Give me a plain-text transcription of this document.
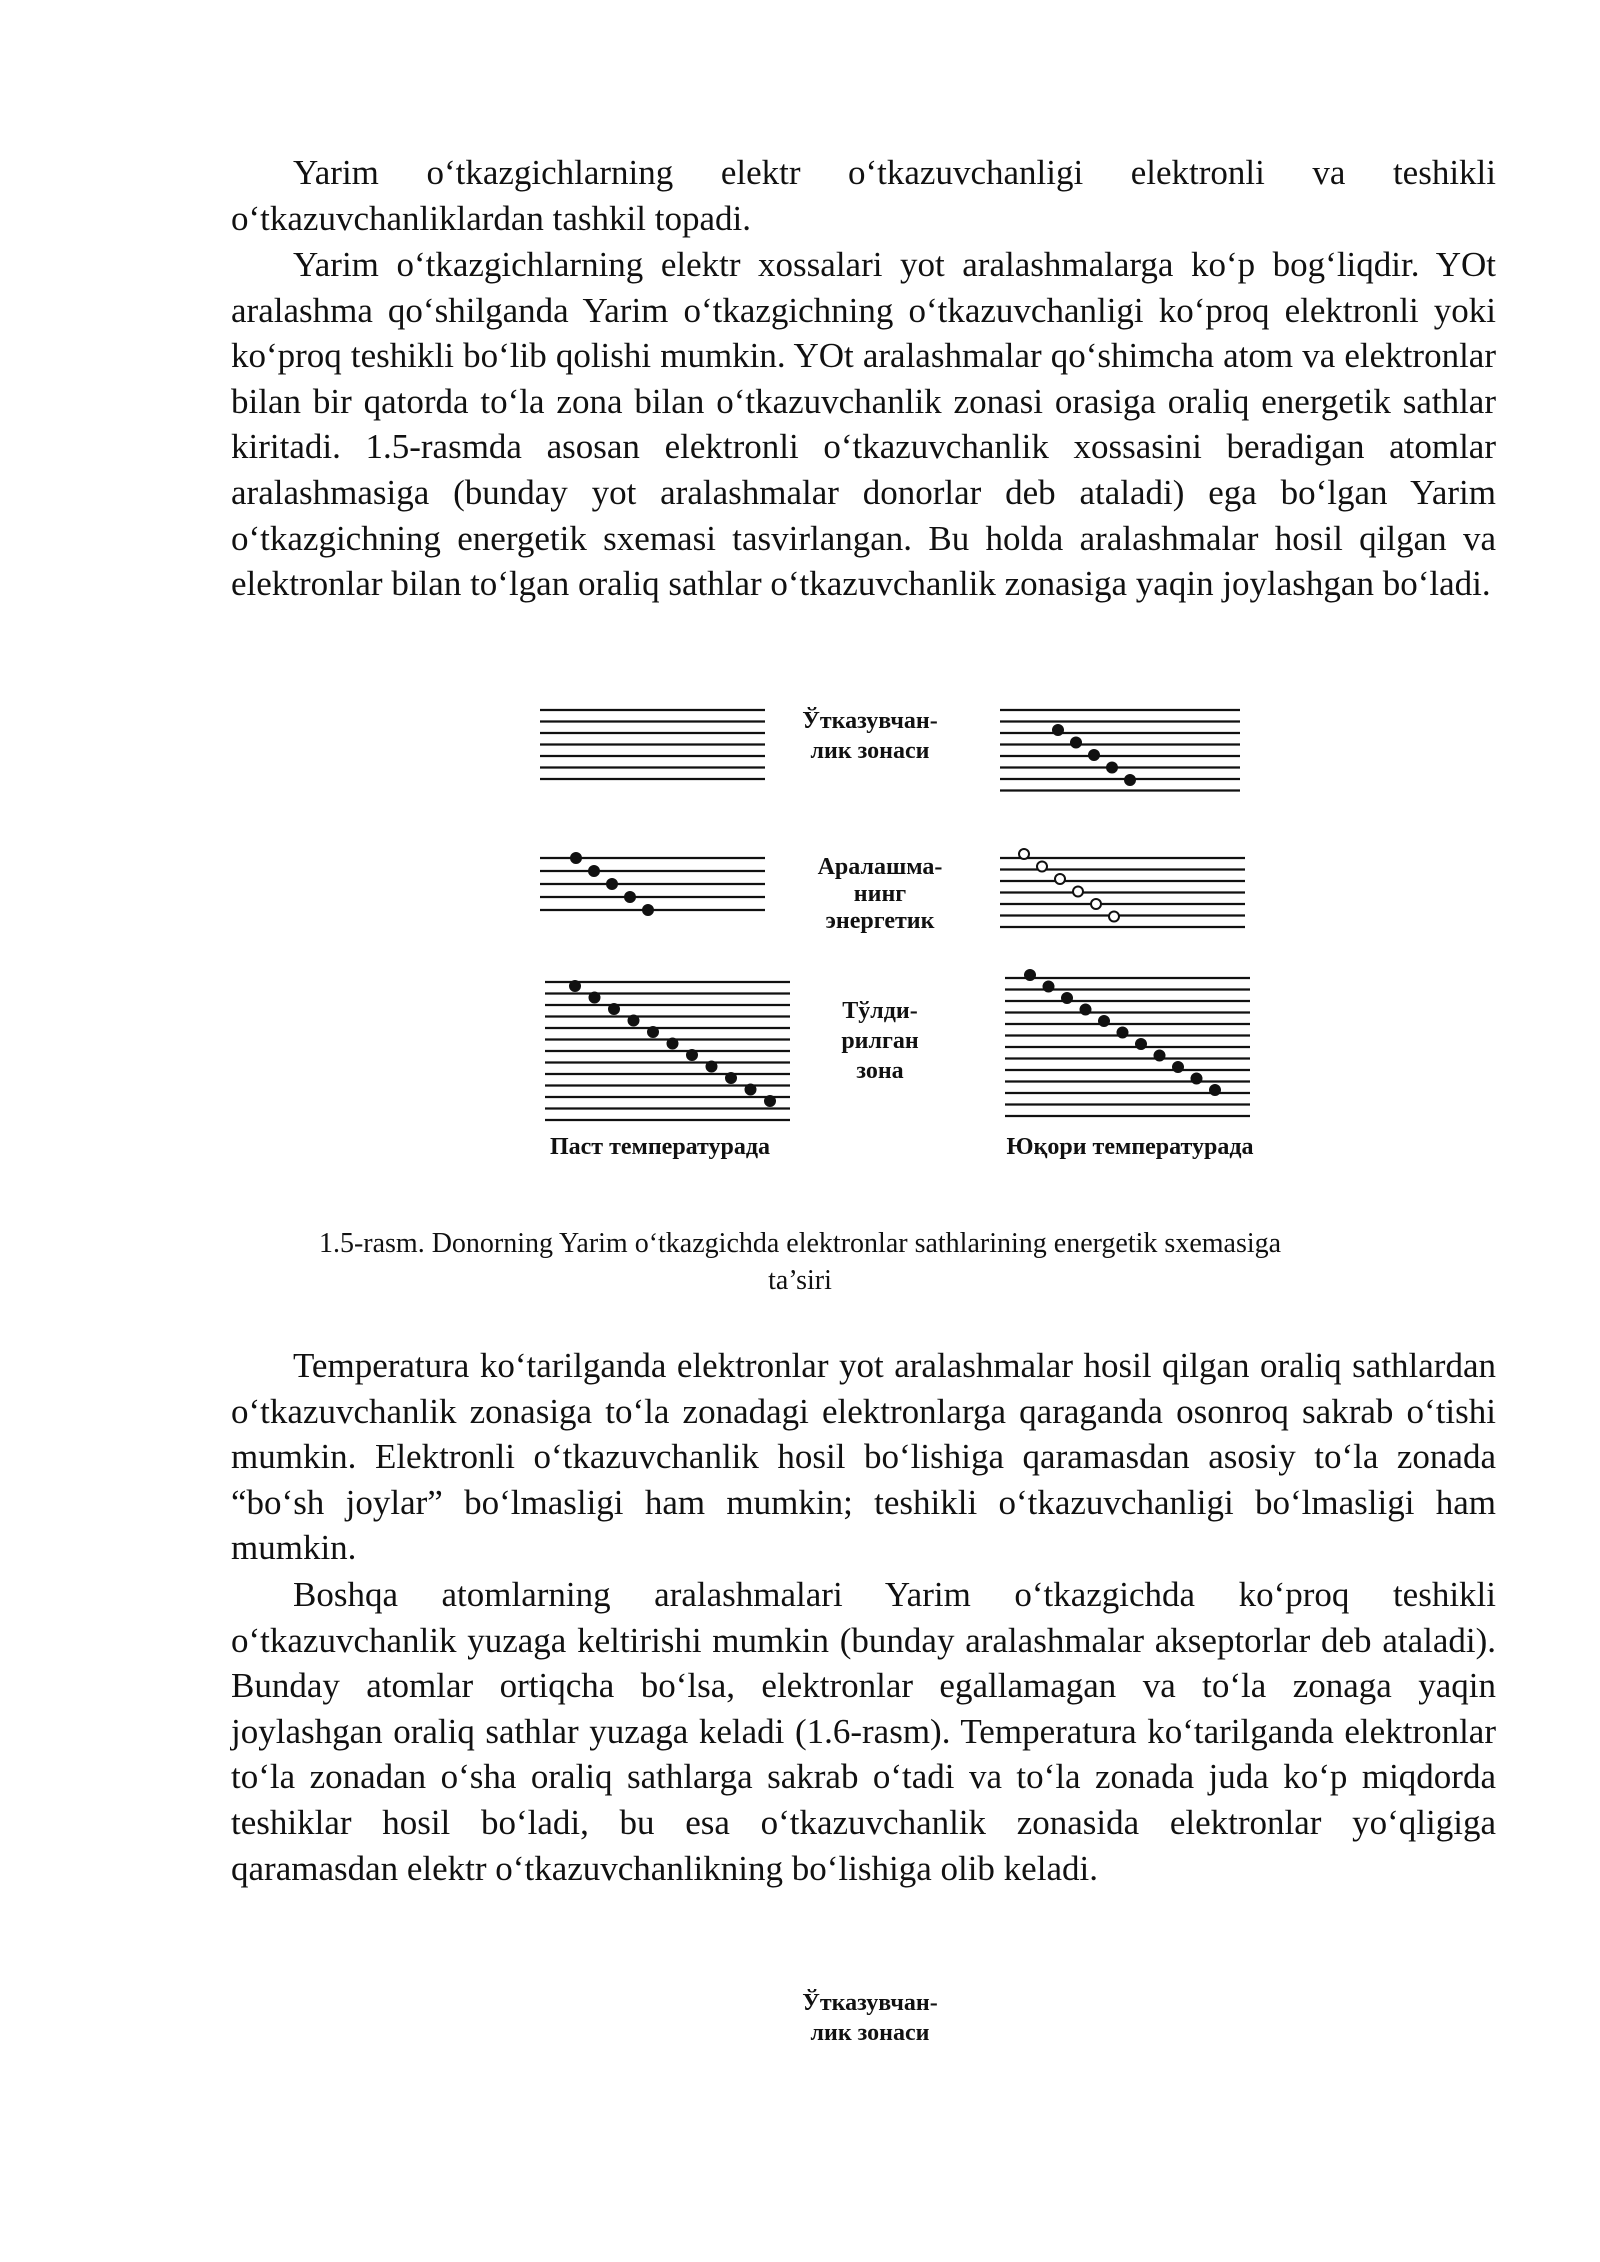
Yarim o‘tkazgichlarning elektr o‘tkazuvchanligi elektronli va teshikli o‘tkazuvchanliklardan tashkil topadi.

Yarim o‘tkazgichlarning elektr xossalari yot aralashmalarga ko‘p bog‘liqdir. YOt aralashma qo‘shilganda Yarim o‘tkazgichning o‘tkazuvchanligi ko‘proq elektronli yoki ko‘proq teshikli bo‘lib qolishi mumkin. YOt aralashmalar qo‘shimcha atom va elektronlar bilan bir qatorda to‘la zona bilan o‘tkazuvchanlik zonasi orasiga oraliq energetik sathlar kiritadi. 1.5-rasmda asosan elektronli o‘tkazuvchanlik xossasini beradigan atomlar aralashmasiga (bunday yot aralashmalar donorlar deb ataladi) ega bo‘lgan Yarim o‘tkazgichning energetik sxemasi tasvirlangan. Bu holda aralashmalar hosil qilgan va elektronlar bilan to‘lgan oraliq sathlar o‘tkazuvchanlik zonasiga yaqin joylashgan bo‘ladi.

Ўтказувчан-
лик зонаси
Аралашма-
нинг
энергетик
Тўлди-
рилган
зона
Паст температурада	Юқори температурада

1.5-rasm. Donorning Yarim o‘tkazgichda elektronlar sathlarining energetik sxemasiga ta’siri

Temperatura ko‘tarilganda elektronlar yot aralashmalar hosil qilgan oraliq sathlardan o‘tkazuvchanlik zonasiga to‘la zonadagi elektronlarga qaraganda osonroq sakrab o‘tishi mumkin. Elektronli o‘tkazuvchanlik hosil bo‘lishiga qaramasdan asosiy to‘la zonada “bo‘sh joylar” bo‘lmasligi ham mumkin; teshikli o‘tkazuvchanligi bo‘lmasligi ham mumkin.

Boshqa atomlarning aralashmalari Yarim o‘tkazgichda ko‘proq teshikli o‘tkazuvchanlik yuzaga keltirishi mumkin (bunday aralashmalar akseptorlar deb ataladi). Bunday atomlar ortiqcha bo‘lsa, elektronlar egallamagan va to‘la zonaga yaqin joylashgan oraliq sathlar yuzaga keladi (1.6-rasm). Temperatura ko‘tarilganda elektronlar to‘la zonadan o‘sha oraliq sathlarga sakrab o‘tadi va to‘la zonada juda ko‘p miqdorda teshiklar hosil bo‘ladi, bu esa o‘tkazuvchanlik zonasida elektronlar yo‘qligiga qaramasdan elektr o‘tkazuvchanlikning bo‘lishiga olib keladi.

Ўтказувчан-
лик зонаси
